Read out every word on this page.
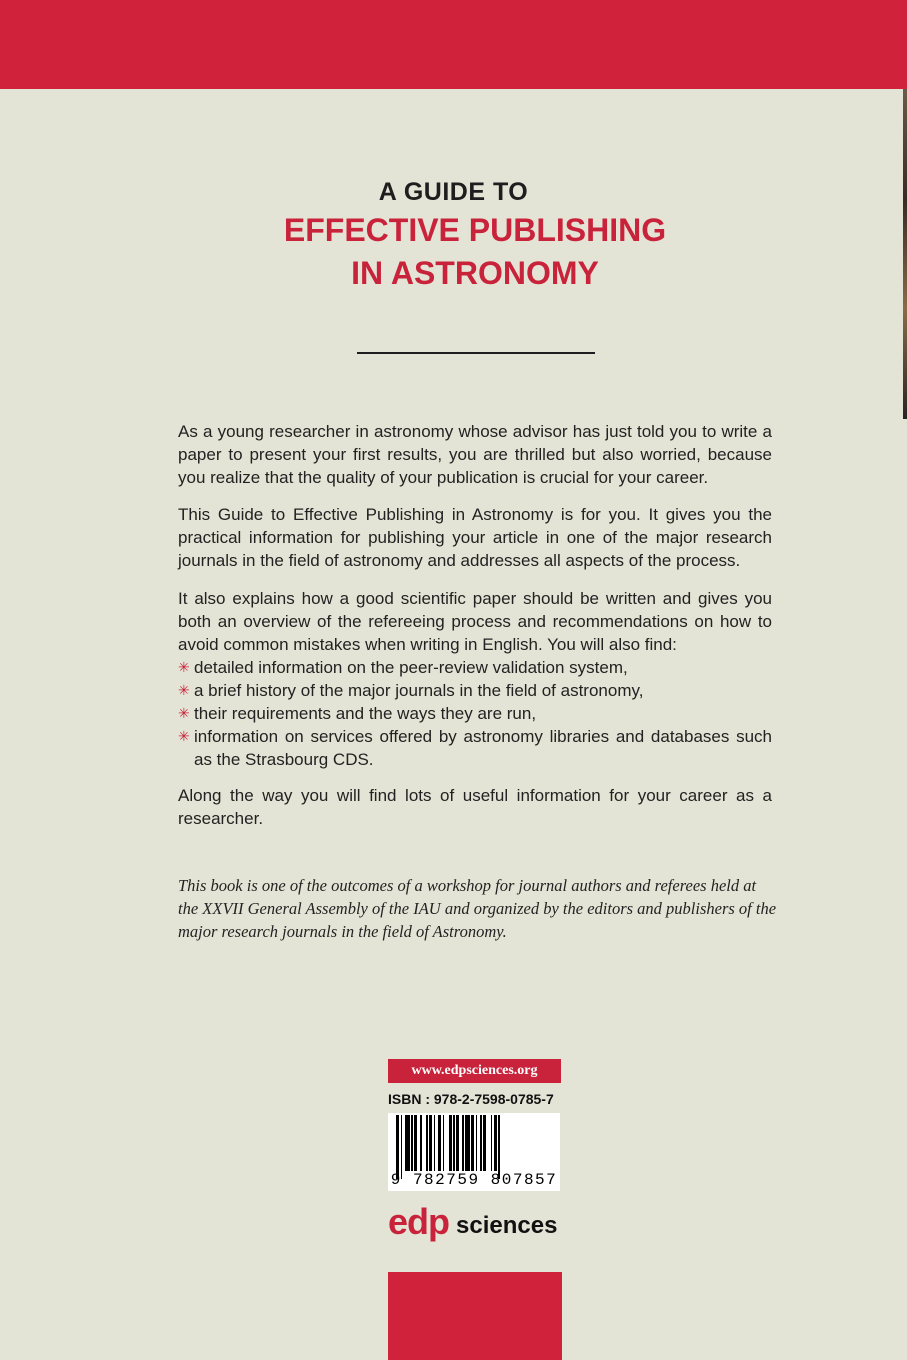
A GUIDE TO
EFFECTIVE PUBLISHING
IN ASTRONOMY

As a young researcher in astronomy whose advisor has just told you to write a paper to present your first results, you are thrilled but also worried, because you realize that the quality of your publication is crucial for your career.

This Guide to Effective Publishing in Astronomy is for you. It gives you the practical information for publishing your article in one of the major research journals in the field of astronomy and addresses all aspects of the process.

It also explains how a good scientific paper should be written and gives you both an overview of the refereeing process and recommendations on how to avoid common mistakes when writing in English. You will also find:

✳ detailed information on the peer-review validation system,
✳ a brief history of the major journals in the field of astronomy,
✳ their requirements and the ways they are run,
✳ information on services offered by astronomy libraries and databases such as the Strasbourg CDS.

Along the way you will find lots of useful information for your career as a researcher.

This book is one of the outcomes of a workshop for journal authors and referees held at the XXVII General Assembly of the IAU and organized by the editors and publishers of the major research journals in the field of Astronomy.
www.edpsciences.org
ISBN : 978-2-7598-0785-7
9 782759 807857
edp sciences
